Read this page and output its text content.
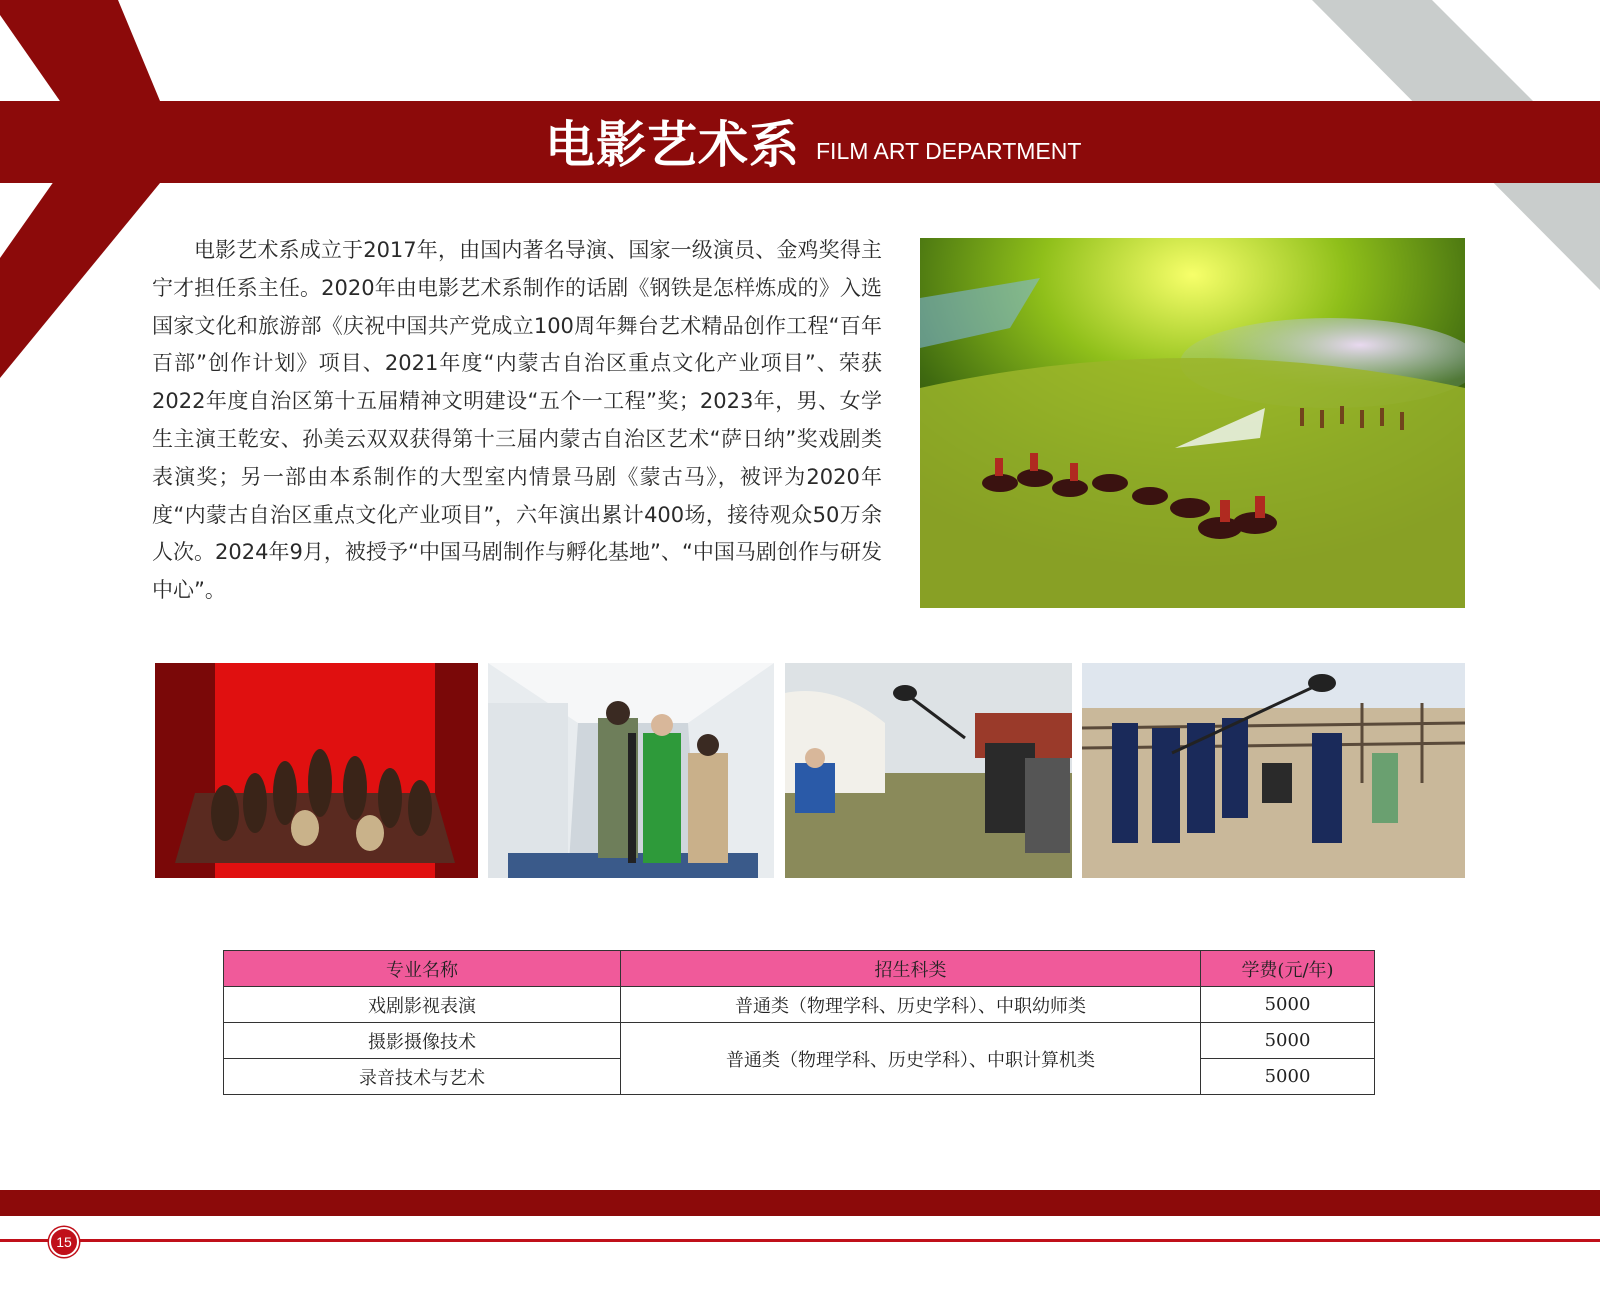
电影艺术系 FILM ART DEPARTMENT

电影艺术系成立于2017年，由国内著名导演、国家一级演员、金鸡奖得主宁才担任系主任。2020年由电影艺术系制作的话剧《钢铁是怎样炼成的》入选国家文化和旅游部《庆祝中国共产党成立100周年舞台艺术精品创作工程“百年百部”创作计划》项目、2021年度“内蒙古自治区重点文化产业项目”、荣获2022年度自治区第十五届精神文明建设“五个一工程”奖；2023年，男、女学生主演王乾安、孙美云双双获得第十三届内蒙古自治区艺术“萨日纳”奖戏剧类表演奖；另一部由本系制作的大型室内情景马剧《蒙古马》，被评为2020年度“内蒙古自治区重点文化产业项目”，六年演出累计400场，接待观众50万余人次。2024年9月，被授予“中国马剧制作与孵化基地”、“中国马剧创作与研发中心”。

专业名称	招生科类	学费(元/年)
戏剧影视表演	普通类（物理学科、历史学科）、中职幼师类	5000
摄影摄像技术	普通类（物理学科、历史学科）、中职计算机类	5000
录音技术与艺术		5000
15
